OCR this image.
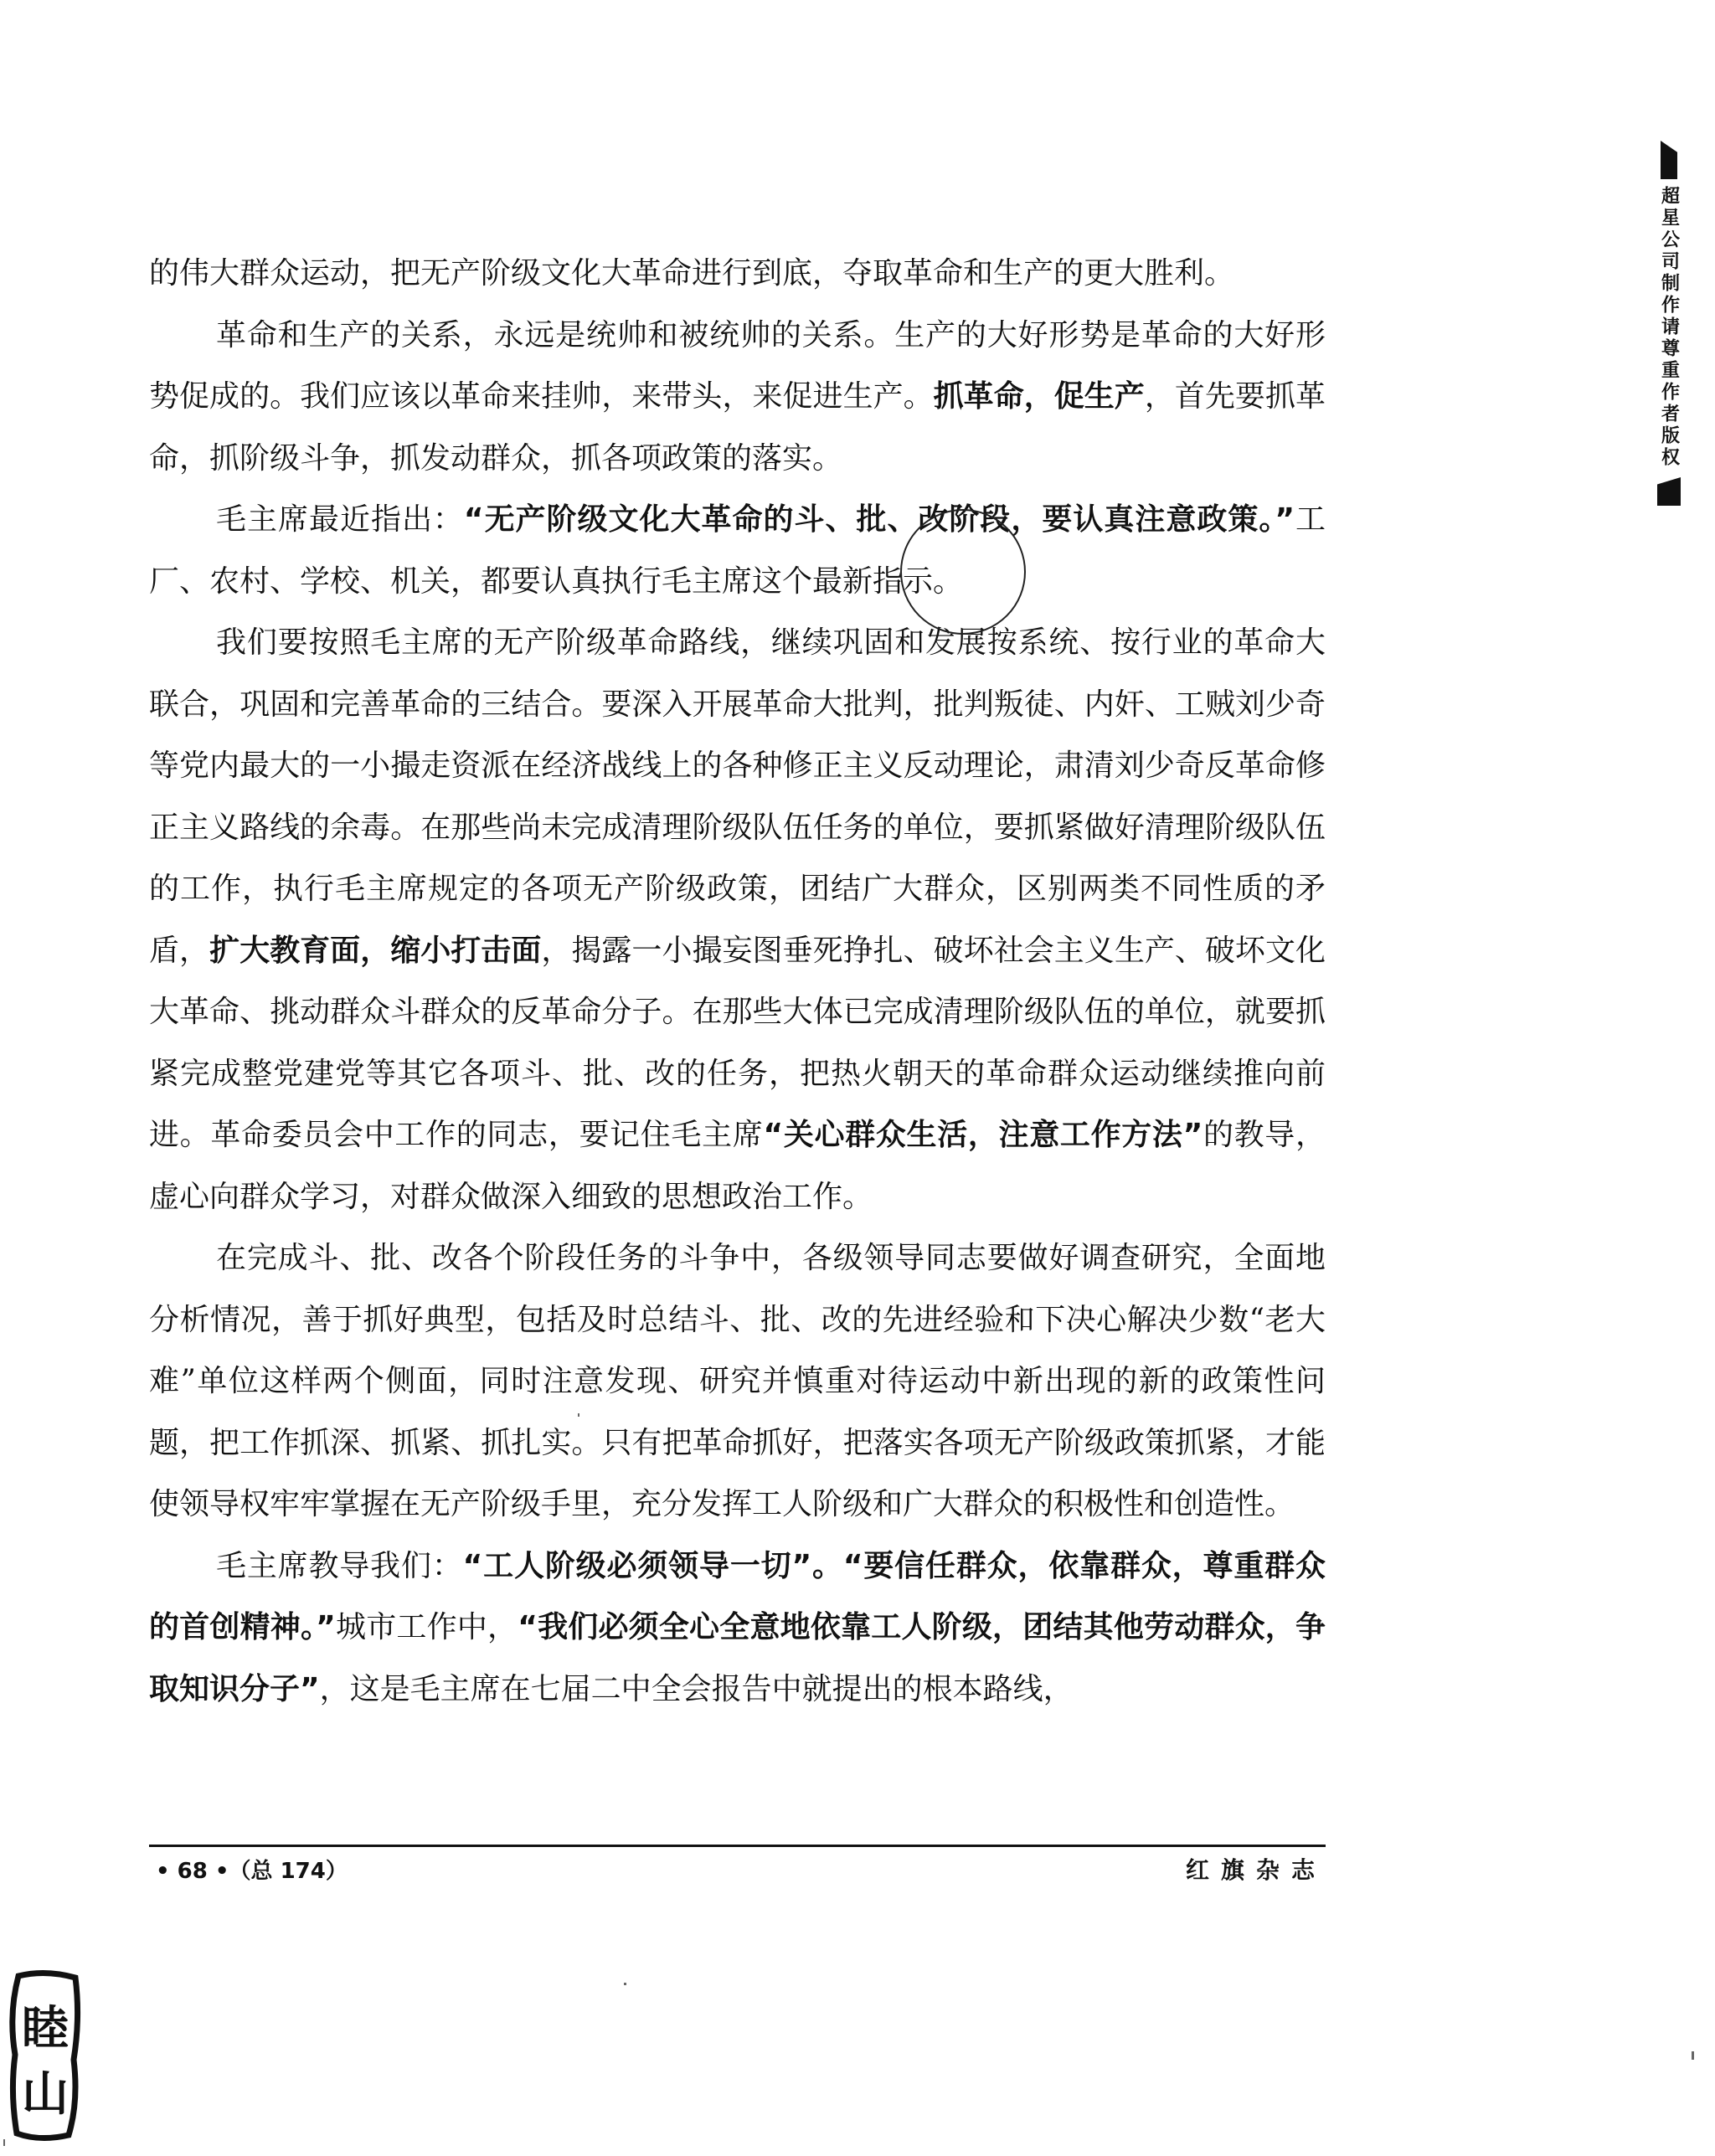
的伟大群众运动，把无产阶级文化大革命进行到底，夺取革命和生产的更大胜利。

革命和生产的关系，永远是统帅和被统帅的关系。生产的大好形势是革命的大好形势促成的。我们应该以革命来挂帅，来带头，来促进生产。抓革命，促生产，首先要抓革命，抓阶级斗争，抓发动群众，抓各项政策的落实。

毛主席最近指出：“无产阶级文化大革命的斗、批、改阶段，要认真注意政策。”工厂、农村、学校、机关，都要认真执行毛主席这个最新指示。

我们要按照毛主席的无产阶级革命路线，继续巩固和发展按系统、按行业的革命大联合，巩固和完善革命的三结合。要深入开展革命大批判，批判叛徒、内奸、工贼刘少奇等党内最大的一小撮走资派在经济战线上的各种修正主义反动理论，肃清刘少奇反革命修正主义路线的余毒。在那些尚未完成清理阶级队伍任务的单位，要抓紧做好清理阶级队伍的工作，执行毛主席规定的各项无产阶级政策，团结广大群众，区别两类不同性质的矛盾，扩大教育面，缩小打击面，揭露一小撮妄图垂死挣扎、破坏社会主义生产、破坏文化大革命、挑动群众斗群众的反革命分子。在那些大体已完成清理阶级队伍的单位，就要抓紧完成整党建党等其它各项斗、批、改的任务，把热火朝天的革命群众运动继续推向前进。革命委员会中工作的同志，要记住毛主席“关心群众生活，注意工作方法”的教导，虚心向群众学习，对群众做深入细致的思想政治工作。

在完成斗、批、改各个阶段任务的斗争中，各级领导同志要做好调查研究，全面地分析情况，善于抓好典型，包括及时总结斗、批、改的先进经验和下决心解决少数“老大难”单位这样两个侧面，同时注意发现、研究并慎重对待运动中新出现的新的政策性问题，把工作抓深、抓紧、抓扎实。只有把革命抓好，把落实各项无产阶级政策抓紧，才能使领导权牢牢掌握在无产阶级手里，充分发挥工人阶级和广大群众的积极性和创造性。

毛主席教导我们：“工人阶级必须领导一切”。“要信任群众，依靠群众，尊重群众的首创精神。”城市工作中，“我们必须全心全意地依靠工人阶级，团结其他劳动群众，争取知识分子”，这是毛主席在七届二中全会报告中就提出的根本路线，

• 68 •（总 174）	红旗杂志
超星公司制作请尊重作者版权
睦
山
